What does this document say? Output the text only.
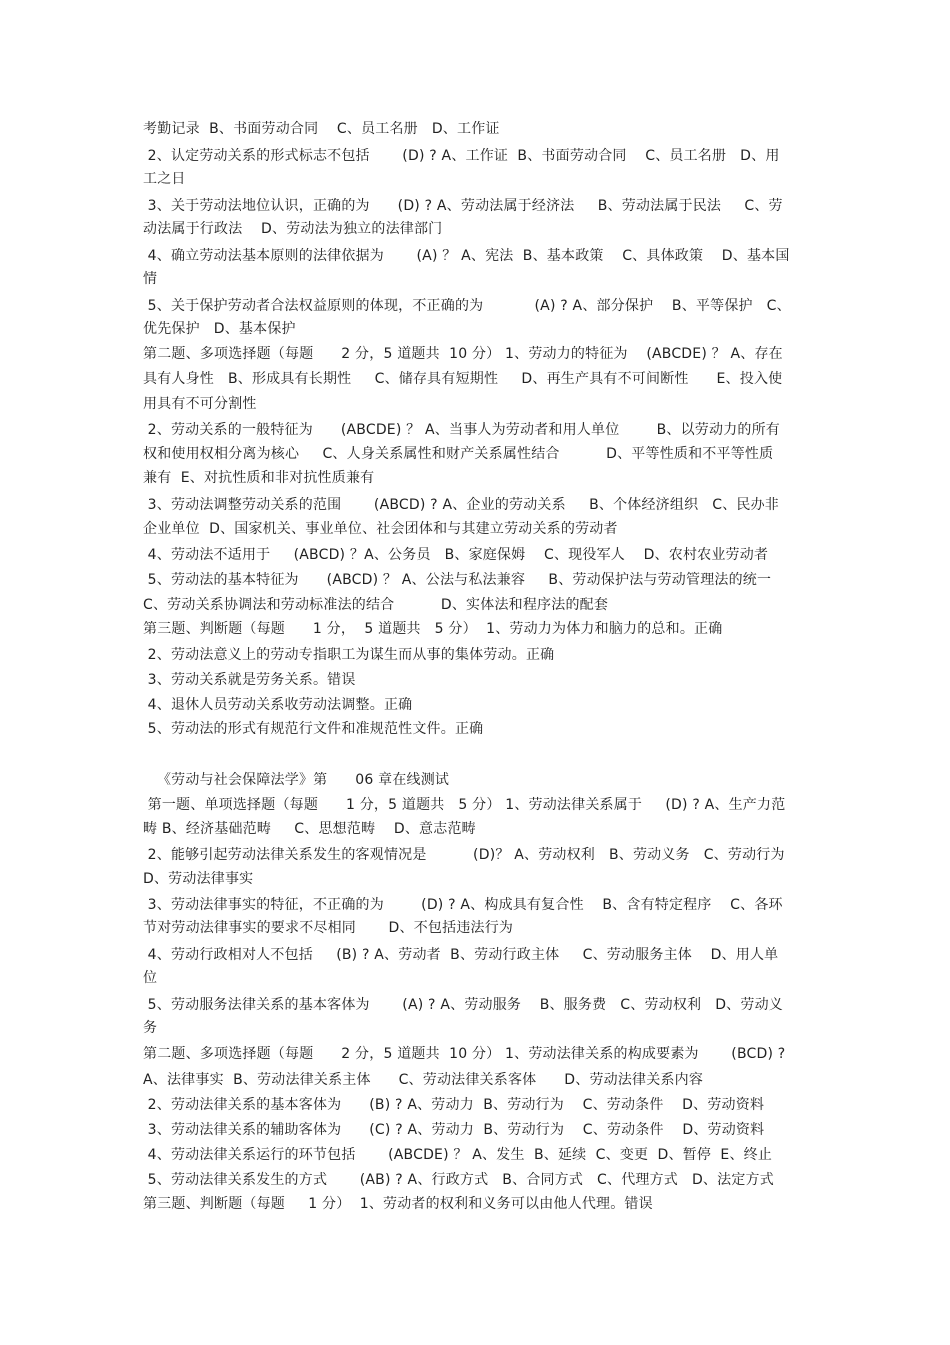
考勤记录  B、书面劳动合同    C、员工名册   D、工作证
2、认定劳动关系的形式标志不包括       (D) ? A、工作证  B、书面劳动合同    C、员工名册   D、用
工之日
3、关于劳动法地位认识，正确的为      (D) ? A、劳动法属于经济法     B、劳动法属于民法     C、劳
动法属于行政法    D、劳动法为独立的法律部门
4、确立劳动法基本原则的法律依据为       (A) ？ A、宪法  B、基本政策    C、具体政策    D、基本国
情
5、关于保护劳动者合法权益原则的体现，不正确的为           (A) ? A、部分保护    B、平等保护   C、
优先保护   D、基本保护
第二题、多项选择题（每题      2 分，5 道题共  10 分） 1、劳动力的特征为    (ABCDE) ？ A、存在
具有人身性   B、形成具有长期性     C、储存具有短期性     D、再生产具有不可间断性      E、投入使
用具有不可分割性
2、劳动关系的一般特征为      (ABCDE) ？ A、当事人为劳动者和用人单位        B、以劳动力的所有
权和使用权相分离为核心     C、人身关系属性和财产关系属性结合          D、平等性质和不平等性质
兼有  E、对抗性质和非对抗性质兼有
3、劳动法调整劳动关系的范围       (ABCD) ? A、企业的劳动关系     B、个体经济组织   C、民办非
企业单位  D、国家机关、事业单位、社会团体和与其建立劳动关系的劳动者
4、劳动法不适用于     (ABCD) ？A、公务员   B、家庭保姆    C、现役军人    D、农村农业劳动者
5、劳动法的基本特征为      (ABCD) ？ A、公法与私法兼容     B、劳动保护法与劳动管理法的统一
C、劳动关系协调法和劳动标准法的结合          D、实体法和程序法的配套
第三题、判断题（每题      1 分，  5 道题共   5 分）  1、劳动力为体力和脑力的总和。正确
2、劳动法意义上的劳动专指职工为谋生而从事的集体劳动。正确
3、劳动关系就是劳务关系。错误
4、退休人员劳动关系收劳动法调整。正确
5、劳动法的形式有规范行文件和准规范性文件。正确
《劳动与社会保障法学》第      06 章在线测试
第一题、单项选择题（每题      1 分，5 道题共   5 分） 1、劳动法律关系属于     (D) ? A、生产力范
畴 B、经济基础范畴     C、思想范畴    D、意志范畴
2、能够引起劳动法律关系发生的客观情况是          (D)？ A、劳动权利   B、劳动义务   C、劳动行为
D、劳动法律事实
3、劳动法律事实的特征，不正确的为        (D) ? A、构成具有复合性    B、含有特定程序    C、各环
节对劳动法律事实的要求不尽相同       D、不包括违法行为
4、劳动行政相对人不包括     (B) ? A、劳动者  B、劳动行政主体     C、劳动服务主体    D、用人单
位
5、劳动服务法律关系的基本客体为       (A) ? A、劳动服务    B、服务费   C、劳动权利   D、劳动义
务
第二题、多项选择题（每题      2 分，5 道题共  10 分） 1、劳动法律关系的构成要素为       (BCD) ?
A、法律事实  B、劳动法律关系主体      C、劳动法律关系客体      D、劳动法律关系内容
2、劳动法律关系的基本客体为      (B) ? A、劳动力  B、劳动行为    C、劳动条件    D、劳动资料
3、劳动法律关系的辅助客体为      (C) ? A、劳动力  B、劳动行为    C、劳动条件    D、劳动资料
4、劳动法律关系运行的环节包括       (ABCDE) ？ A、发生  B、延续  C、变更  D、暂停  E、终止
5、劳动法律关系发生的方式       (AB) ? A、行政方式   B、合同方式   C、代理方式   D、法定方式
第三题、判断题（每题     1 分）  1、劳动者的权利和义务可以由他人代理。错误
